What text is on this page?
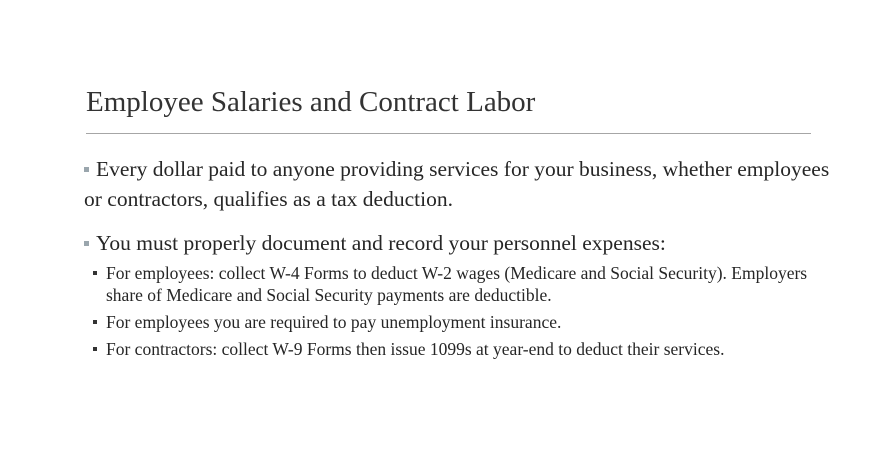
Employee Salaries and Contract Labor
Every dollar paid to anyone providing services for your business, whether employees or contractors, qualifies as a tax deduction.
You must properly document and record your personnel expenses:
For employees: collect W-4 Forms to deduct W-2 wages (Medicare and Social Security). Employers share of Medicare and Social Security payments are deductible.
For employees you are required to pay unemployment insurance.
For contractors: collect W-9 Forms then issue 1099s at year-end to deduct their services.
